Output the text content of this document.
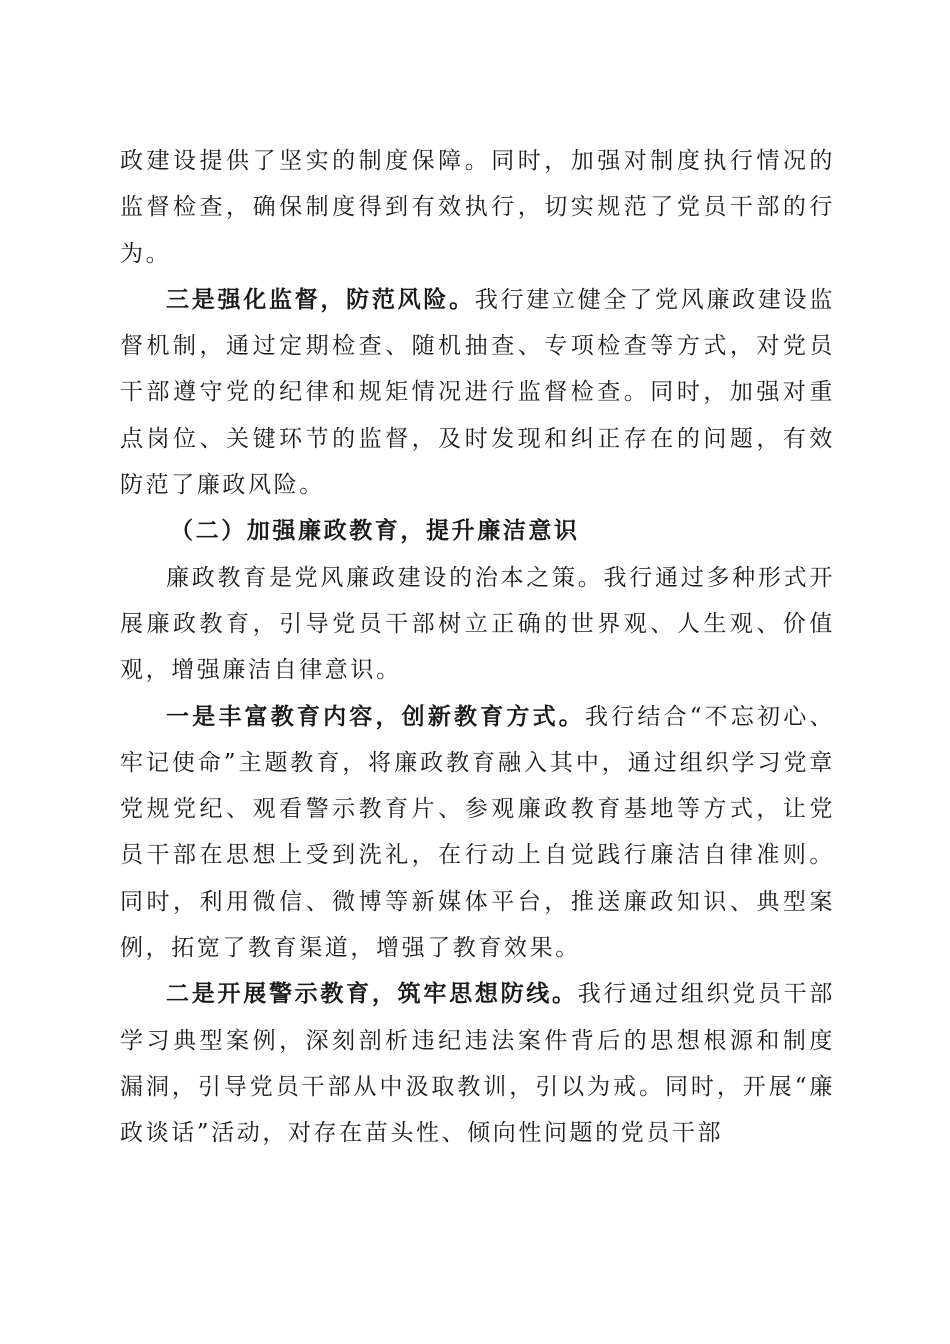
政建设提供了坚实的制度保障。同时，加强对制度执行情况的监督检查，确保制度得到有效执行，切实规范了党员干部的行为。

三是强化监督，防范风险。我行建立健全了党风廉政建设监督机制，通过定期检查、随机抽查、专项检查等方式，对党员干部遵守党的纪律和规矩情况进行监督检查。同时，加强对重点岗位、关键环节的监督，及时发现和纠正存在的问题，有效防范了廉政风险。

（二）加强廉政教育，提升廉洁意识

廉政教育是党风廉政建设的治本之策。我行通过多种形式开展廉政教育，引导党员干部树立正确的世界观、人生观、价值观，增强廉洁自律意识。

一是丰富教育内容，创新教育方式。我行结合“不忘初心、牢记使命”主题教育，将廉政教育融入其中，通过组织学习党章党规党纪、观看警示教育片、参观廉政教育基地等方式，让党员干部在思想上受到洗礼，在行动上自觉践行廉洁自律准则。同时，利用微信、微博等新媒体平台，推送廉政知识、典型案例，拓宽了教育渠道，增强了教育效果。

二是开展警示教育，筑牢思想防线。我行通过组织党员干部学习典型案例，深刻剖析违纪违法案件背后的思想根源和制度漏洞，引导党员干部从中汲取教训，引以为戒。同时，开展“廉政谈话”活动，对存在苗头性、倾向性问题的党员干部
